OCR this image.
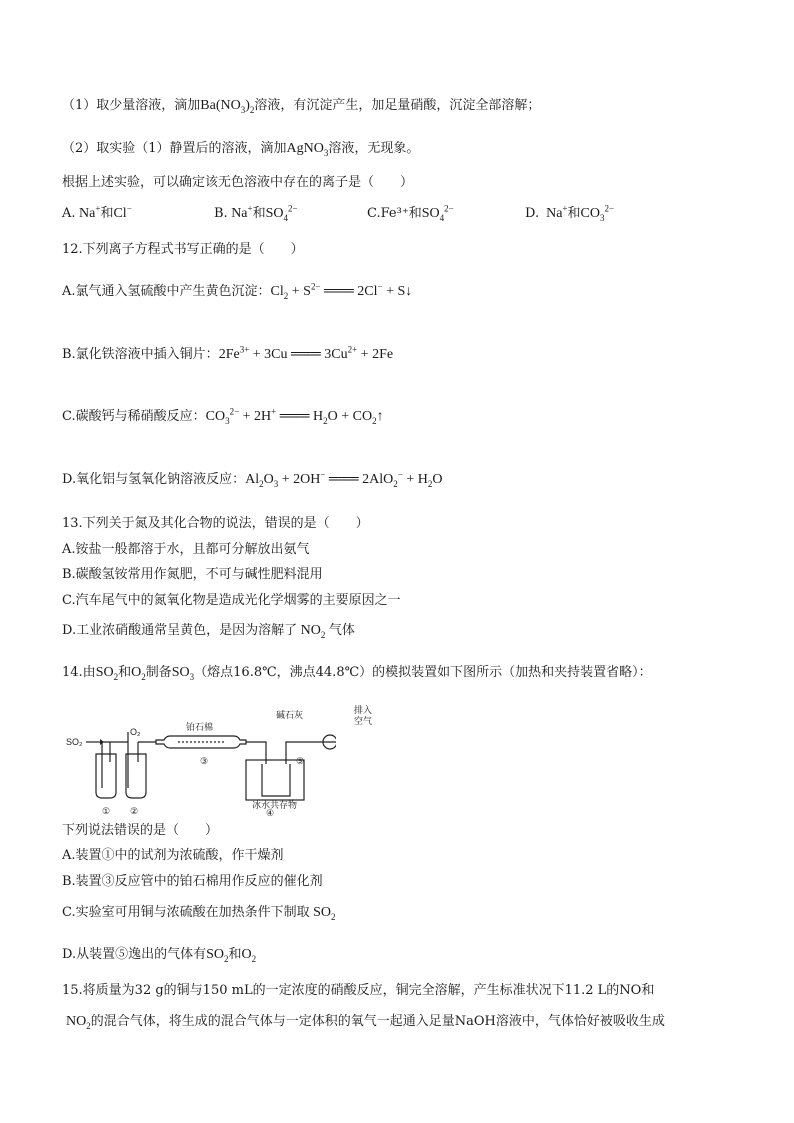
（1）取少量溶液，滴加$Ba(NO_3)_2$溶液，有沉淀产生，加足量硝酸，沉淀全部溶解；
（2）取实验（1）静置后的溶液，滴加AgNO$_3$溶液，无现象。
根据上述实验，可以确定该无色溶液中存在的离子是（　　）
A. Na+和Cl−	B. Na+和$SO_4^{2-}$	C.Fe³⁺和$SO_4^{2-}$	D.  Na+和$CO_3^{2-}$
12.下列离子方程式书写正确的是（　　）
A.氯气通入氢硫酸中产生黄色沉淀：$Cl_2 + S^{2-}$ ═══ 2Cl− + S↓
B.氯化铁溶液中插入铜片：$2Fe^{3+} + 3Cu$ ═══ $3Cu^{2+} + 2Fe$
C.碳酸钙与稀硝酸反应：$CO_3^{2-} + 2H^+$ ═══ $H_2O$ + $CO_2↑$
D.氧化铝与氢氧化钠溶液反应：$Al_2O_3 + 2OH^-$ ═══ $2AlO_2^- + H_2O$
13.下列关于氮及其化合物的说法，错误的是（　　）
A.铵盐一般都溶于水，且都可分解放出氨气
B.碳酸氢铵常用作氮肥，不可与碱性肥料混用
C.汽车尾气中的氮氧化物是造成光化学烟雾的主要原因之一
D.工业浓硝酸通常呈黄色，是因为溶解了 $NO_2$ 气体
14.由$SO_2$和$O_2$制备$SO_3$（熔点16.8℃，沸点44.8℃）的模拟装置如下图所示（加热和夹持装置省略）：
SO₂
O₂	铂石棉
碱石灰
③
④
⑤
① ②
冰水共存物
排入
空气
下列说法错误的是（　　）
A.装置①中的试剂为浓硫酸，作干燥剂
B.装置③反应管中的铂石棉用作反应的催化剂
C.实验室可用铜与浓硫酸在加热条件下制取 $SO_2$
D.从装置⑤逸出的气体有$SO_2$和$O_2$
15.将质量为32 g的铜与150 mL的一定浓度的硝酸反应，铜完全溶解，产生标准状况下11.2 L的NO和
$NO_2$的混合气体，将生成的混合气体与一定体积的氧气一起通入足量NaOH溶液中，气体恰好被吸收生成
